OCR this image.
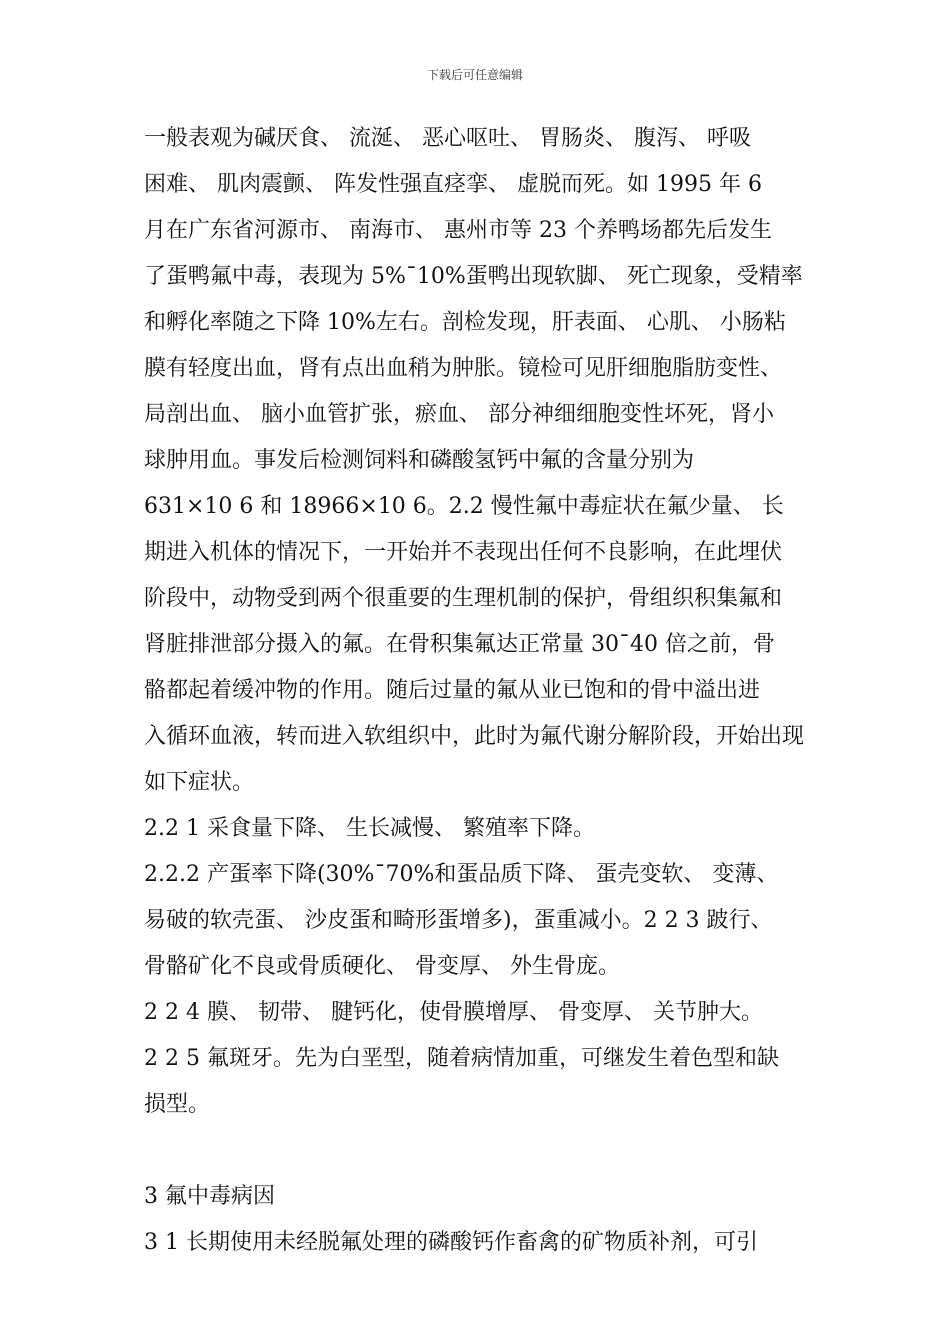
下载后可任意编辑
一般表观为碱厌食、 流涎、 恶心呕吐、 胃肠炎、 腹泻、 呼吸
困难、 肌肉震颤、 阵发性强直痉挛、 虚脱而死。如 1995 年 6
月在广东省河源市、 南海市、 惠州市等 23 个养鸭场都先后发生
了蛋鸭氟中毒，表现为 5%¯10%蛋鸭出现软脚、 死亡现象，受精率
和孵化率随之下降 10%左右。剖检发现，肝表面、 心肌、 小肠粘
膜有轻度出血，肾有点出血稍为肿胀。镜检可见肝细胞脂肪变性、
局剖出血、 脑小血管扩张，瘀血、 部分神细细胞变性坏死，肾小
球肿用血。事发后检测饲料和磷酸氢钙中氟的含量分别为
631×10 6 和 18966×10 6。2.2 慢性氟中毒症状在氟少量、 长
期进入机体的情况下，一开始并不表现出任何不良影响，在此埋伏
阶段中，动物受到两个很重要的生理机制的保护，骨组织积集氟和
肾脏排泄部分摄入的氟。在骨积集氟达正常量 30¯40 倍之前，骨
骼都起着缓冲物的作用。随后过量的氟从业已饱和的骨中溢出进
入循环血液，转而进入软组织中，此时为氟代谢分解阶段，开始出现
如下症状。
2.2 1 采食量下降、 生长减慢、 繁殖率下降。
2.2.2 产蛋率下降(30%¯70%和蛋品质下降、 蛋壳变软、 变薄、
易破的软壳蛋、 沙皮蛋和畸形蛋增多)，蛋重减小。2 2 3 跛行、
骨骼矿化不良或骨质硬化、 骨变厚、 外生骨庞。
2 2 4 膜、 韧带、 腱钙化，使骨膜增厚、 骨变厚、 关节肿大。
2 2 5 氟斑牙。先为白垩型，随着病情加重，可继发生着色型和缺
损型。
3 氟中毒病因
3 1 长期使用未经脱氟处理的磷酸钙作畜禽的矿物质补剂，可引
